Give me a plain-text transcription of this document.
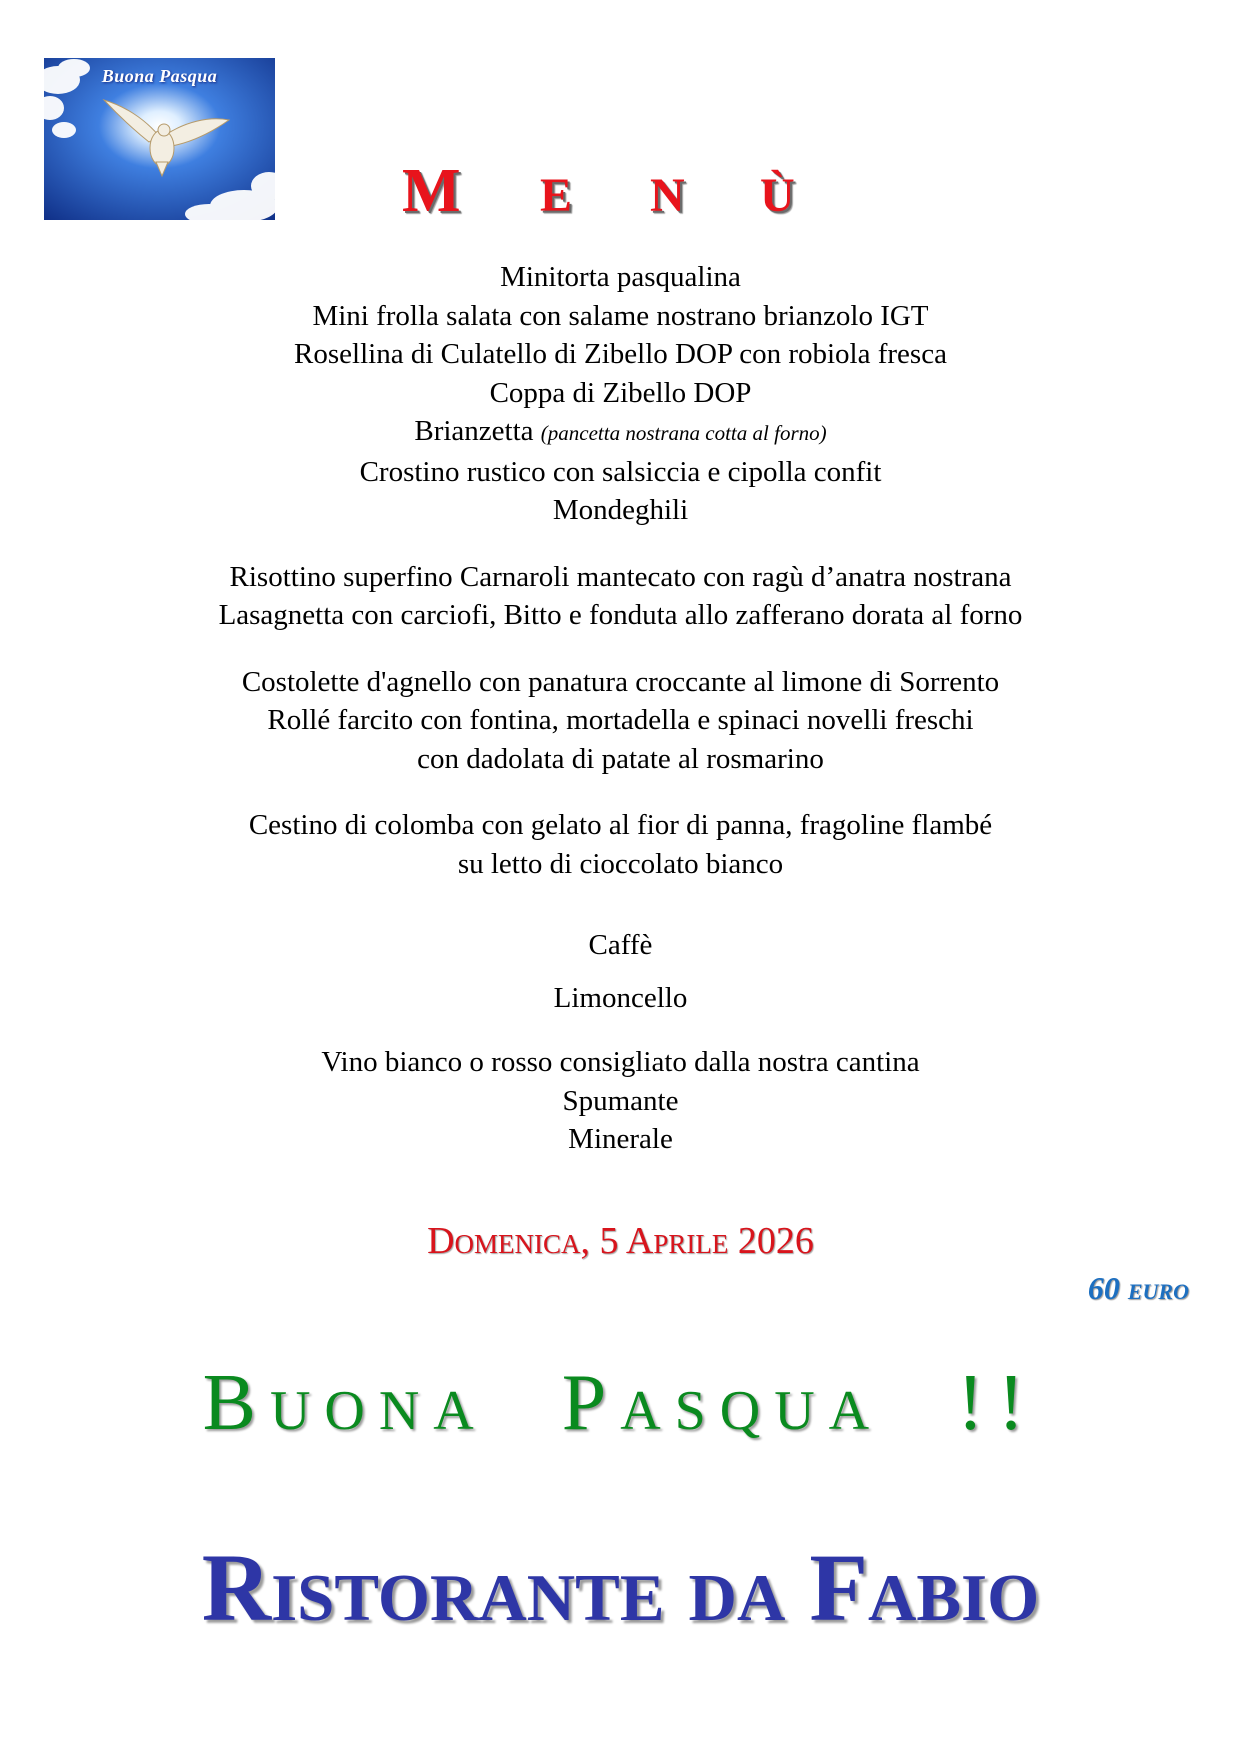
Buona Pasqua
M E N Ù
Minitorta pasqualina
Mini frolla salata con salame nostrano brianzolo IGT
Rosellina di Culatello di Zibello DOP con robiola fresca
Coppa di Zibello DOP
Brianzetta (pancetta nostrana cotta al forno)
Crostino rustico con salsiccia e cipolla confit
Mondeghili
Risottino superfino Carnaroli mantecato con ragù d’anatra nostrana
Lasagnetta con carciofi, Bitto e fonduta allo zafferano dorata al forno
Costolette d'agnello con panatura croccante al limone di Sorrento
Rollé farcito con fontina, mortadella e spinaci novelli freschi
con dadolata di patate al rosmarino
Cestino di colomba con gelato al fior di panna, fragoline flambé
su letto di cioccolato bianco
Caffè
Limoncello
Vino bianco o rosso consigliato dalla nostra cantina
Spumante
Minerale
Domenica, 5 Aprile 2026
60 euro
Buona Pasqua !!
Ristorante da Fabio
